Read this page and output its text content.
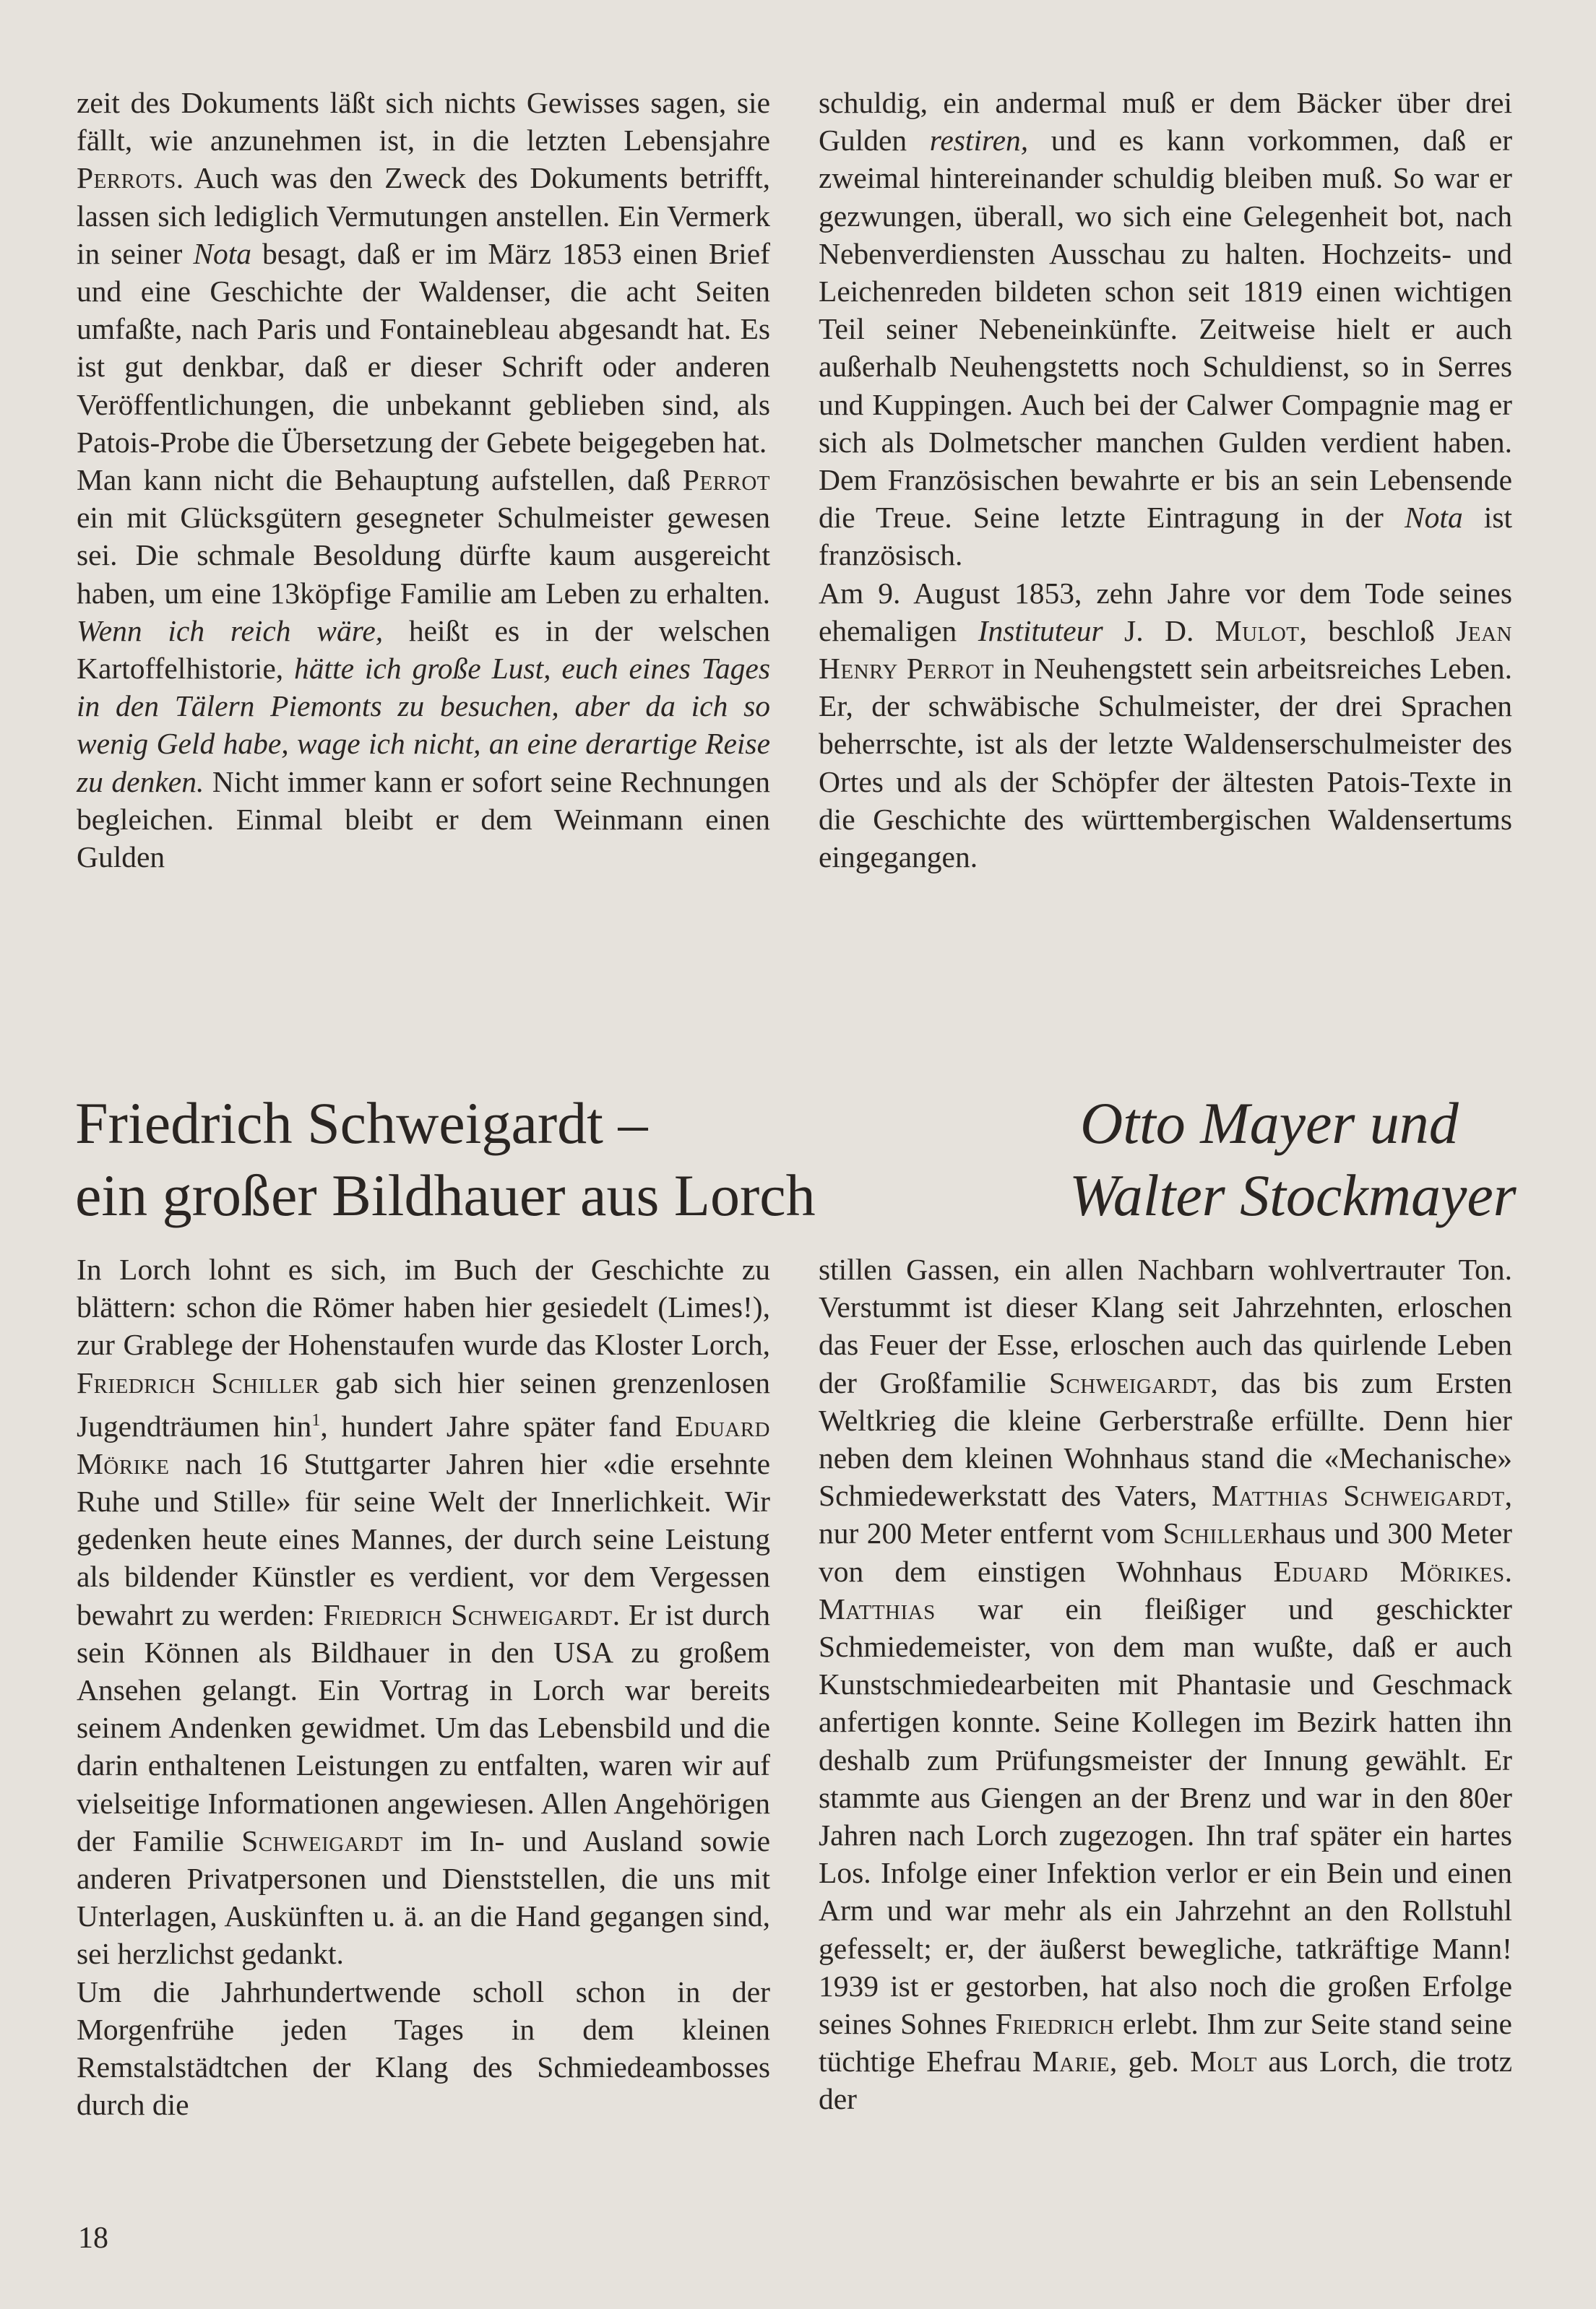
zeit des Dokuments läßt sich nichts Gewisses sagen, sie fällt, wie anzunehmen ist, in die letzten Lebensjahre Perrots. Auch was den Zweck des Dokuments betrifft, lassen sich lediglich Vermutungen anstellen. Ein Vermerk in seiner Nota besagt, daß er im März 1853 einen Brief und eine Geschichte der Waldenser, die acht Seiten umfaßte, nach Paris und Fontainebleau abgesandt hat. Es ist gut denkbar, daß er dieser Schrift oder anderen Veröffentlichungen, die unbekannt geblieben sind, als Patois-Probe die Übersetzung der Gebete beigegeben hat.

Man kann nicht die Behauptung aufstellen, daß Perrot ein mit Glücksgütern gesegneter Schulmeister gewesen sei. Die schmale Besoldung dürfte kaum ausgereicht haben, um eine 13köpfige Familie am Leben zu erhalten. Wenn ich reich wäre, heißt es in der welschen Kartoffelhistorie, hätte ich große Lust, euch eines Tages in den Tälern Piemonts zu besuchen, aber da ich so wenig Geld habe, wage ich nicht, an eine derartige Reise zu denken. Nicht immer kann er sofort seine Rechnungen begleichen. Einmal bleibt er dem Weinmann einen Gulden

schuldig, ein andermal muß er dem Bäcker über drei Gulden restiren, und es kann vorkommen, daß er zweimal hintereinander schuldig bleiben muß. So war er gezwungen, überall, wo sich eine Gelegenheit bot, nach Nebenverdiensten Ausschau zu halten. Hochzeits- und Leichenreden bildeten schon seit 1819 einen wichtigen Teil seiner Nebeneinkünfte. Zeitweise hielt er auch außerhalb Neuhengstetts noch Schuldienst, so in Serres und Kuppingen. Auch bei der Calwer Compagnie mag er sich als Dolmetscher manchen Gulden verdient haben. Dem Französischen bewahrte er bis an sein Lebensende die Treue. Seine letzte Eintragung in der Nota ist französisch.

Am 9. August 1853, zehn Jahre vor dem Tode seines ehemaligen Instituteur J. D. Mulot, beschloß Jean Henry Perrot in Neuhengstett sein arbeitsreiches Leben. Er, der schwäbische Schulmeister, der drei Sprachen beherrschte, ist als der letzte Waldenserschulmeister des Ortes und als der Schöpfer der ältesten Patois-Texte in die Geschichte des württembergischen Waldensertums eingegangen.

Friedrich Schweigardt –
ein großer Bildhauer aus Lorch
Otto Mayer und
Walter Stockmayer

In Lorch lohnt es sich, im Buch der Geschichte zu blättern: schon die Römer haben hier gesiedelt (Limes!), zur Grablege der Hohenstaufen wurde das Kloster Lorch, Friedrich Schiller gab sich hier seinen grenzenlosen Jugendträumen hin$^1$, hundert Jahre später fand Eduard Mörike nach 16 Stuttgarter Jahren hier «die ersehnte Ruhe und Stille» für seine Welt der Innerlichkeit. Wir gedenken heute eines Mannes, der durch seine Leistung als bildender Künstler es verdient, vor dem Vergessen bewahrt zu werden: Friedrich Schweigardt. Er ist durch sein Können als Bildhauer in den USA zu großem Ansehen gelangt. Ein Vortrag in Lorch war bereits seinem Andenken gewidmet. Um das Lebensbild und die darin enthaltenen Leistungen zu entfalten, waren wir auf vielseitige Informationen angewiesen. Allen Angehörigen der Familie Schweigardt im In- und Ausland sowie anderen Privatpersonen und Dienststellen, die uns mit Unterlagen, Auskünften u. ä. an die Hand gegangen sind, sei herzlichst gedankt.

Um die Jahrhundertwende scholl schon in der Morgenfrühe jeden Tages in dem kleinen Remstalstädtchen der Klang des Schmiedeambosses durch die

stillen Gassen, ein allen Nachbarn wohlvertrauter Ton. Verstummt ist dieser Klang seit Jahrzehnten, erloschen das Feuer der Esse, erloschen auch das quirlende Leben der Großfamilie Schweigardt, das bis zum Ersten Weltkrieg die kleine Gerberstraße erfüllte. Denn hier neben dem kleinen Wohnhaus stand die «Mechanische» Schmiedewerkstatt des Vaters, Matthias Schweigardt, nur 200 Meter entfernt vom Schillerhaus und 300 Meter von dem einstigen Wohnhaus Eduard Mörikes. Matthias war ein fleißiger und geschickter Schmiedemeister, von dem man wußte, daß er auch Kunstschmiedearbeiten mit Phantasie und Geschmack anfertigen konnte. Seine Kollegen im Bezirk hatten ihn deshalb zum Prüfungsmeister der Innung gewählt. Er stammte aus Giengen an der Brenz und war in den 80er Jahren nach Lorch zugezogen. Ihn traf später ein hartes Los. Infolge einer Infektion verlor er ein Bein und einen Arm und war mehr als ein Jahrzehnt an den Rollstuhl gefesselt; er, der äußerst bewegliche, tatkräftige Mann! 1939 ist er gestorben, hat also noch die großen Erfolge seines Sohnes Friedrich erlebt. Ihm zur Seite stand seine tüchtige Ehefrau Marie, geb. Molt aus Lorch, die trotz der

18
